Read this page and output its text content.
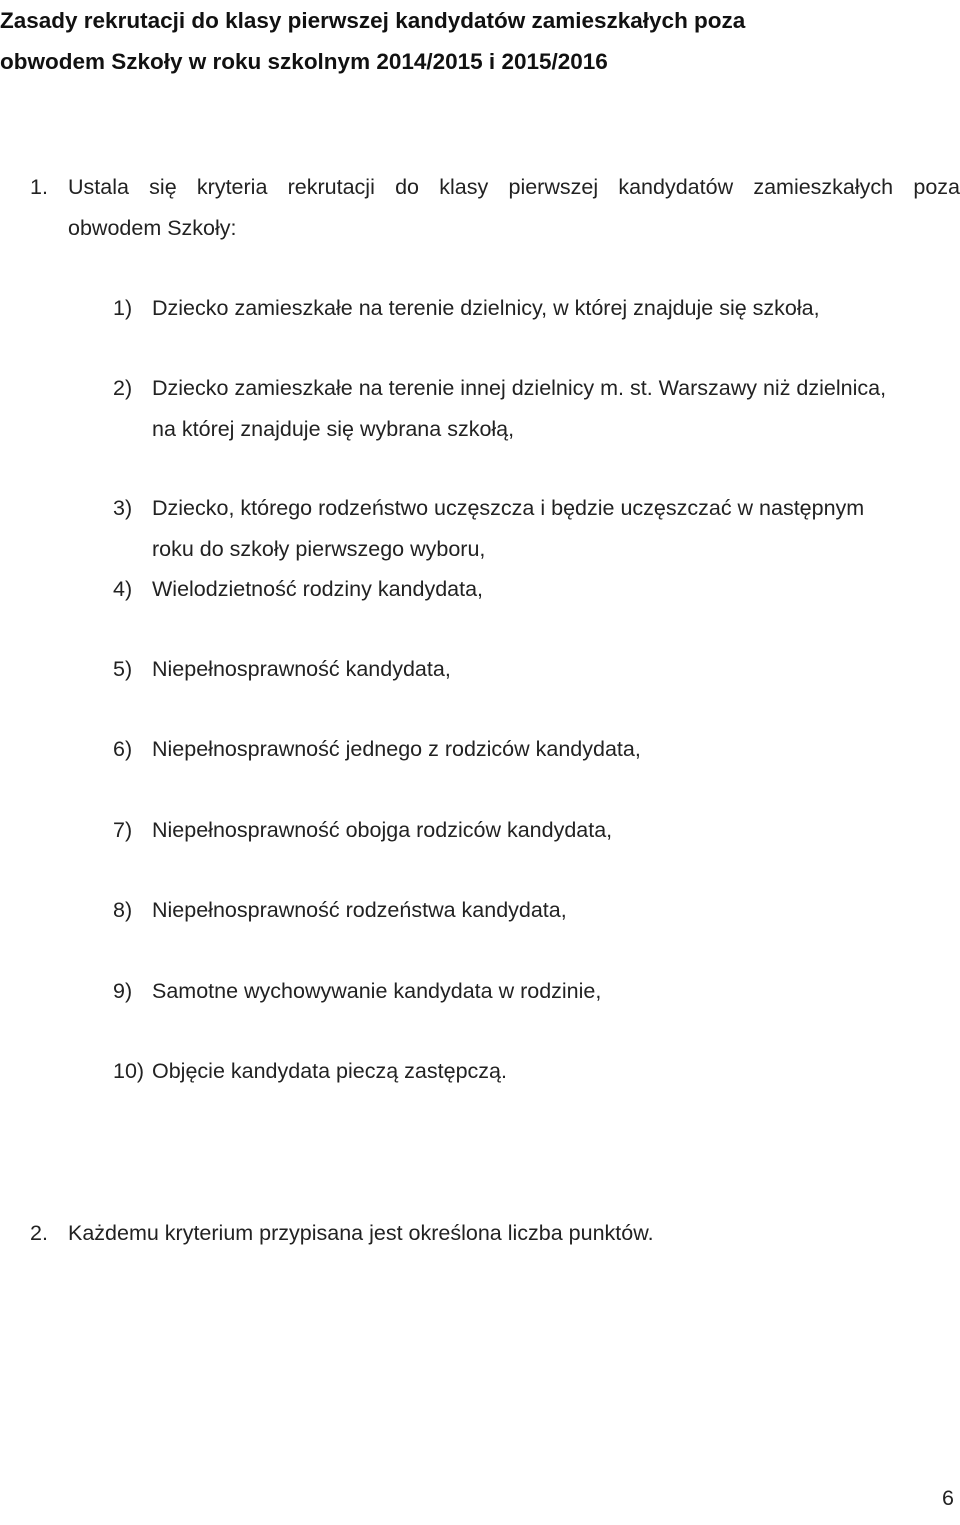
Zasady rekrutacji do klasy pierwszej kandydatów zamieszkałych poza
obwodem Szkoły w roku szkolnym 2014/2015 i 2015/2016
1. Ustala się kryteria rekrutacji do klasy pierwszej kandydatów zamieszkałych poza
obwodem Szkoły:
1) Dziecko zamieszkałe na terenie dzielnicy, w której znajduje się szkoła,
2) Dziecko zamieszkałe na terenie innej dzielnicy m. st. Warszawy niż dzielnica,
na której znajduje się wybrana szkołą,
3) Dziecko, którego rodzeństwo uczęszcza i będzie uczęszczać w następnym
roku do szkoły pierwszego wyboru,
4) Wielodzietność rodziny kandydata,
5) Niepełnosprawność kandydata,
6) Niepełnosprawność jednego z rodziców kandydata,
7) Niepełnosprawność obojga rodziców kandydata,
8) Niepełnosprawność rodzeństwa kandydata,
9) Samotne wychowywanie kandydata w rodzinie,
10) Objęcie kandydata pieczą zastępczą.
2. Każdemu kryterium przypisana jest określona liczba punktów.
6
